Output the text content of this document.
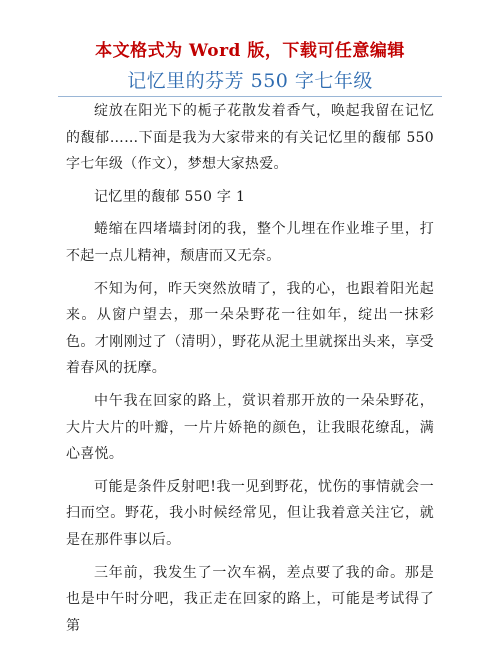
本文格式为 Word 版，下载可任意编辑
记忆里的芬芳 550 字七年级

绽放在阳光下的栀子花散发着香气，唤起我留在记忆的馥郁……下面是我为大家带来的有关记忆里的馥郁 550 字七年级（作文），梦想大家热爱。

记忆里的馥郁 550 字 1

蜷缩在四堵墙封闭的我，整个儿埋在作业堆子里，打不起一点儿精神，颓唐而又无奈。

不知为何，昨天突然放晴了，我的心，也跟着阳光起来。从窗户望去，那一朵朵野花一往如年，绽出一抹彩色。才刚刚过了（清明），野花从泥土里就探出头来，享受着春风的抚摩。

中午我在回家的路上，赏识着那开放的一朵朵野花，大片大片的叶瓣，一片片娇艳的颜色，让我眼花缭乱，满心喜悦。

可能是条件反射吧!我一见到野花，忧伤的事情就会一扫而空。野花，我小时候经常见，但让我着意关注它，就是在那件事以后。

三年前，我发生了一次车祸，差点要了我的命。那是也是中午时分吧，我正走在回家的路上，可能是考试得了第
